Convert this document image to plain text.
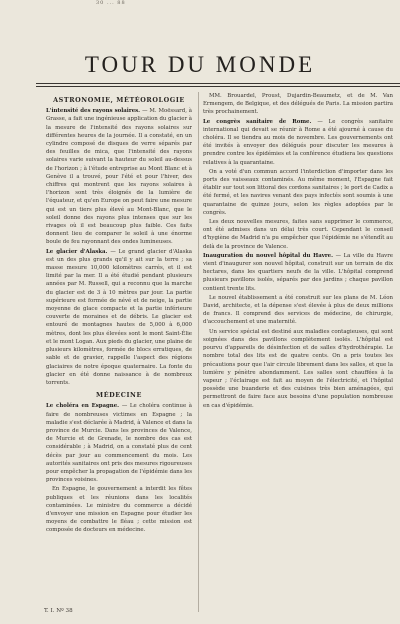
30 ... 88
TOUR DU MONDE
ASTRONOMIE, MÉTÉOROLOGIE

L'intensité des rayons solaires. — M. Moëssard, à Grasse, a fait une ingénieuse application du glacier à la mesure de l'intensité des rayons solaires sur différentes heures de la journée. Il a constaté, en un cylindre composé de disques de verre séparés par des feuilles de mica, que l'intensité des rayons solaires varie suivant la hauteur du soleil au-dessus de l'horizon ; à l'étude entreprise au Mont Blanc et à Genève il a trouvé, pour l'été et pour l'hiver, des chiffres qui montrent que les rayons solaires à l'horizon sont très éloignés de la lumière de l'équateur, et qu'en Europe on peut faire une mesure qui est un tiers plus élevé au Mont-Blanc, que le soleil donne des rayons plus intenses que sur les rivages où il est beaucoup plus faible. Ces faits donnent lieu de comparer le soleil à une énorme boule de feu rayonnant des ondes lumineuses.

Le glacier d'Alaska. — Le grand glacier d'Alaska est un des plus grands qu'il y ait sur la terre ; sa masse mesure 10,000 kilomètres carrés, et il est limité par la mer. Il a été étudié pendant plusieurs années par M. Russell, qui a reconnu que la marche du glacier est de 3 à 10 mètres par jour. La partie supérieure est formée de névé et de neige, la partie moyenne de glace compacte et la partie inférieure couverte de moraines et de débris. Le glacier est entouré de montagnes hautes de 5,000 à 6,000 mètres, dont les plus élevées sont le mont Saint-Élie et le mont Logan. Aux pieds du glacier, une plaine de plusieurs kilomètres, formée de blocs erratiques, de sable et de gravier, rappelle l'aspect des régions glaciaires de notre époque quaternaire. La fonte du glacier en été donne naissance à de nombreux torrents.

MÉDECINE

Le choléra en Espagne. — Le choléra continue à faire de nombreuses victimes en Espagne ; la maladie s'est déclarée à Madrid, à Valence et dans la province de Murcie. Dans les provinces de Valence, de Murcie et de Grenade, le nombre des cas est considérable ; à Madrid, on a constaté plus de cent décès par jour au commencement du mois. Les autorités sanitaires ont pris des mesures rigoureuses pour empêcher la propagation de l'épidémie dans les provinces voisines.

En Espagne, le gouvernement a interdit les fêtes publiques et les réunions dans les localités contaminées. Le ministre du commerce a décidé d'envoyer une mission en Espagne pour étudier les moyens de combattre le fléau ; cette mission est composée de docteurs en médecine.

MM. Brouardel, Proust, Dujardin-Beaumetz, et de M. Van Ermengem, de Belgique, et des délégués de Paris. La mission partira très prochainement.

Le congrès sanitaire de Rome. — Le congrès sanitaire international qui devait se réunir à Rome a été ajourné à cause du choléra. Il se tiendra au mois de novembre. Les gouvernements ont été invités à envoyer des délégués pour discuter les mesures à prendre contre les épidémies et la conférence étudiera les questions relatives à la quarantaine.

On a voté d'un commun accord l'interdiction d'importer dans les ports des vaisseaux contaminés. Au même moment, l'Espagne fait établir sur tout son littoral des cordons sanitaires ; le port de Cadix a été fermé, et les navires venant des pays infectés sont soumis à une quarantaine de quinze jours, selon les règles adoptées par le congrès.

Les deux nouvelles mesures, faites sans supprimer le commerce, ont été admises dans un délai très court. Cependant le conseil d'hygiène de Madrid n'a pu empêcher que l'épidémie ne s'étendît au delà de la province de Valence.

Inauguration du nouvel hôpital du Havre. — La ville du Havre vient d'inaugurer son nouvel hôpital, construit sur un terrain de dix hectares, dans les quartiers neufs de la ville. L'hôpital comprend plusieurs pavillons isolés, séparés par des jardins ; chaque pavillon contient trente lits.

Le nouvel établissement a été construit sur les plans de M. Léon David, architecte, et la dépense s'est élevée à plus de deux millions de francs. Il comprend des services de médecine, de chirurgie, d'accouchement et une maternité.

Un service spécial est destiné aux maladies contagieuses, qui sont soignées dans des pavillons complètement isolés. L'hôpital est pourvu d'appareils de désinfection et de salles d'hydrothérapie. Le nombre total des lits est de quatre cents. On a pris toutes les précautions pour que l'air circule librement dans les salles, et que la lumière y pénètre abondamment. Les salles sont chauffées à la vapeur ; l'éclairage est fait au moyen de l'électricité, et l'hôpital possède une buanderie et des cuisines très bien aménagées, qui permettront de faire face aux besoins d'une population nombreuse en cas d'épidémie.

T. I. Nº 38
